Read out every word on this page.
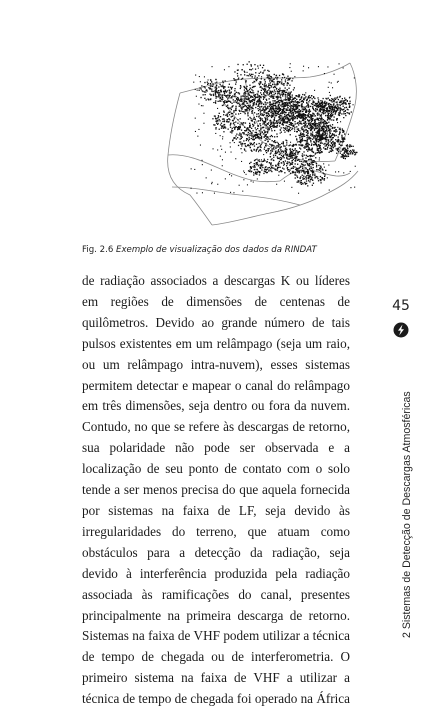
Fig. 2.6 Exemplo de visualização dos dados da RINDAT

de radiação associados a descargas K ou líderes em regiões de dimensões de centenas de quilômetros. Devido ao grande número de tais pulsos existentes em um relâmpago (seja um raio, ou um relâmpago intra-nuvem), esses sistemas permitem detectar e mapear o canal do relâmpago em três dimensões, seja dentro ou fora da nuvem. Contudo, no que se refere às descargas de retorno, sua polaridade não pode ser observada e a localização de seu ponto de contato com o solo tende a ser menos precisa do que aquela fornecida por sistemas na faixa de LF, seja devido às irregularidades do terreno, que atuam como obstáculos para a detecção da radiação, seja devido à interferência produzida pela radiação associada às ramificações do canal, presentes principalmente na primeira descarga de retorno. Sistemas na faixa de VHF podem utilizar a técnica de tempo de chegada ou de interferometria. O primeiro sistema na faixa de VHF a utilizar a técnica de tempo de chegada foi operado na África

45
2 Sistemas de Detecção de Descargas Atmosféricas
